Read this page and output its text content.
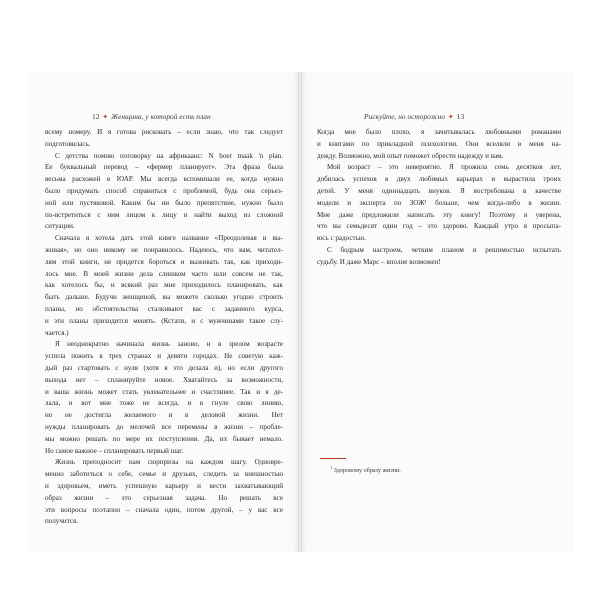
12 ✦ Женщина, у которой есть план	Рискуйте, но осторожно ✦ 13
всему номеру. И я готова рисковать – если знаю, что так следует
подготовилась.
С детства помню поговорку на африкаанс: N boer maak 'n plan.
Ее буквальный перевод – «фермер планирует». Эта фраза была
весьма расхожей в ЮАР. Мы всегда вспоминали ее, когда нужно
было придумать способ справиться с проблемой, будь она серьез-
ной или пустяковой. Каким бы ни было препятствие, нужно было
по-встретиться с ним лицом к лицу и найти выход из сложной
ситуации.
Сначала я хотела дать этой книге название «Преодолевая и вы-
живая», но оно никому не понравилось. Надеюсь, что вам, читател-
лям этой книги, не придется бороться и выживать так, как приходи-
лось мне. В моей жизни дела слишком часто шли совсем не так,
как хотелось бы, и всякий раз мне приходилось планировать, как
быть дальше. Будучи женщиной, вы можете сколько угодно строить
планы, но обстоятельства сталкивают вас с заданного курса,
и эти планы приходится менять. (Кстати, и с мужчинами такое слу-
чается.)
Я неоднократно начинала жизнь заново, и в зрелом возрасте
успела пожить в трех странах и девяти городах. Не советую каж-
дый раз стартовать с нуля (хотя я это делала и), но если другого
выхода нет – спланируйте новое. Хватайтесь за возможности,
и ваша жизнь может стать увлекательнее и счастливее. Так и я де-
лала, и вот мне тоже не всегда, и в гнуле свою линию,
но не достигла желаемого и в деловой жизни. Нет
нужды планировать до мелочей все перемены в жизни – пробле-
мы можно решать по мере их поступления. Да, их бывает немало.
Но самое важное – спланировать первый шаг.
Жизнь преподносит нам сюрпризы на каждом шагу. Одновре-
менно заботиться о себе, семье и друзьях, следить за внешностью
и здоровьем, иметь успешную карьеру и вести захватывающий
образ жизни – это серьезная задача. Но решать все
эти вопросы поэтапно – сначала один, потом другой, – у вас все
получится.
Когда мне было плохо, я зачитывалась любовными романами
и книгами по прикладной психологии. Они вселяли в меня на-
дежду. Возможно, мой опыт поможет обрести надежду и вам.
Мой возраст – это невероятно. Я прожила семь десятков лет,
добилась успехов в двух любимых карьерах и вырастила троих
детей. У меня одиннадцать внуков. Я востребована в качестве
модели и эксперта по ЗОЖ¹ больше, чем когда-либо в жизни.
Мне даже предложили написать эту книгу! Поэтому я уверена,
что вы семьдесят один год – это здорово. Каждый утро я просыпа-
юсь с радостью.
С бодрым настроем, четким планом и решимостью испытать
судьбу. И даже Марс – вполне возможен!
$^1$ Здоровому образу жизни.
